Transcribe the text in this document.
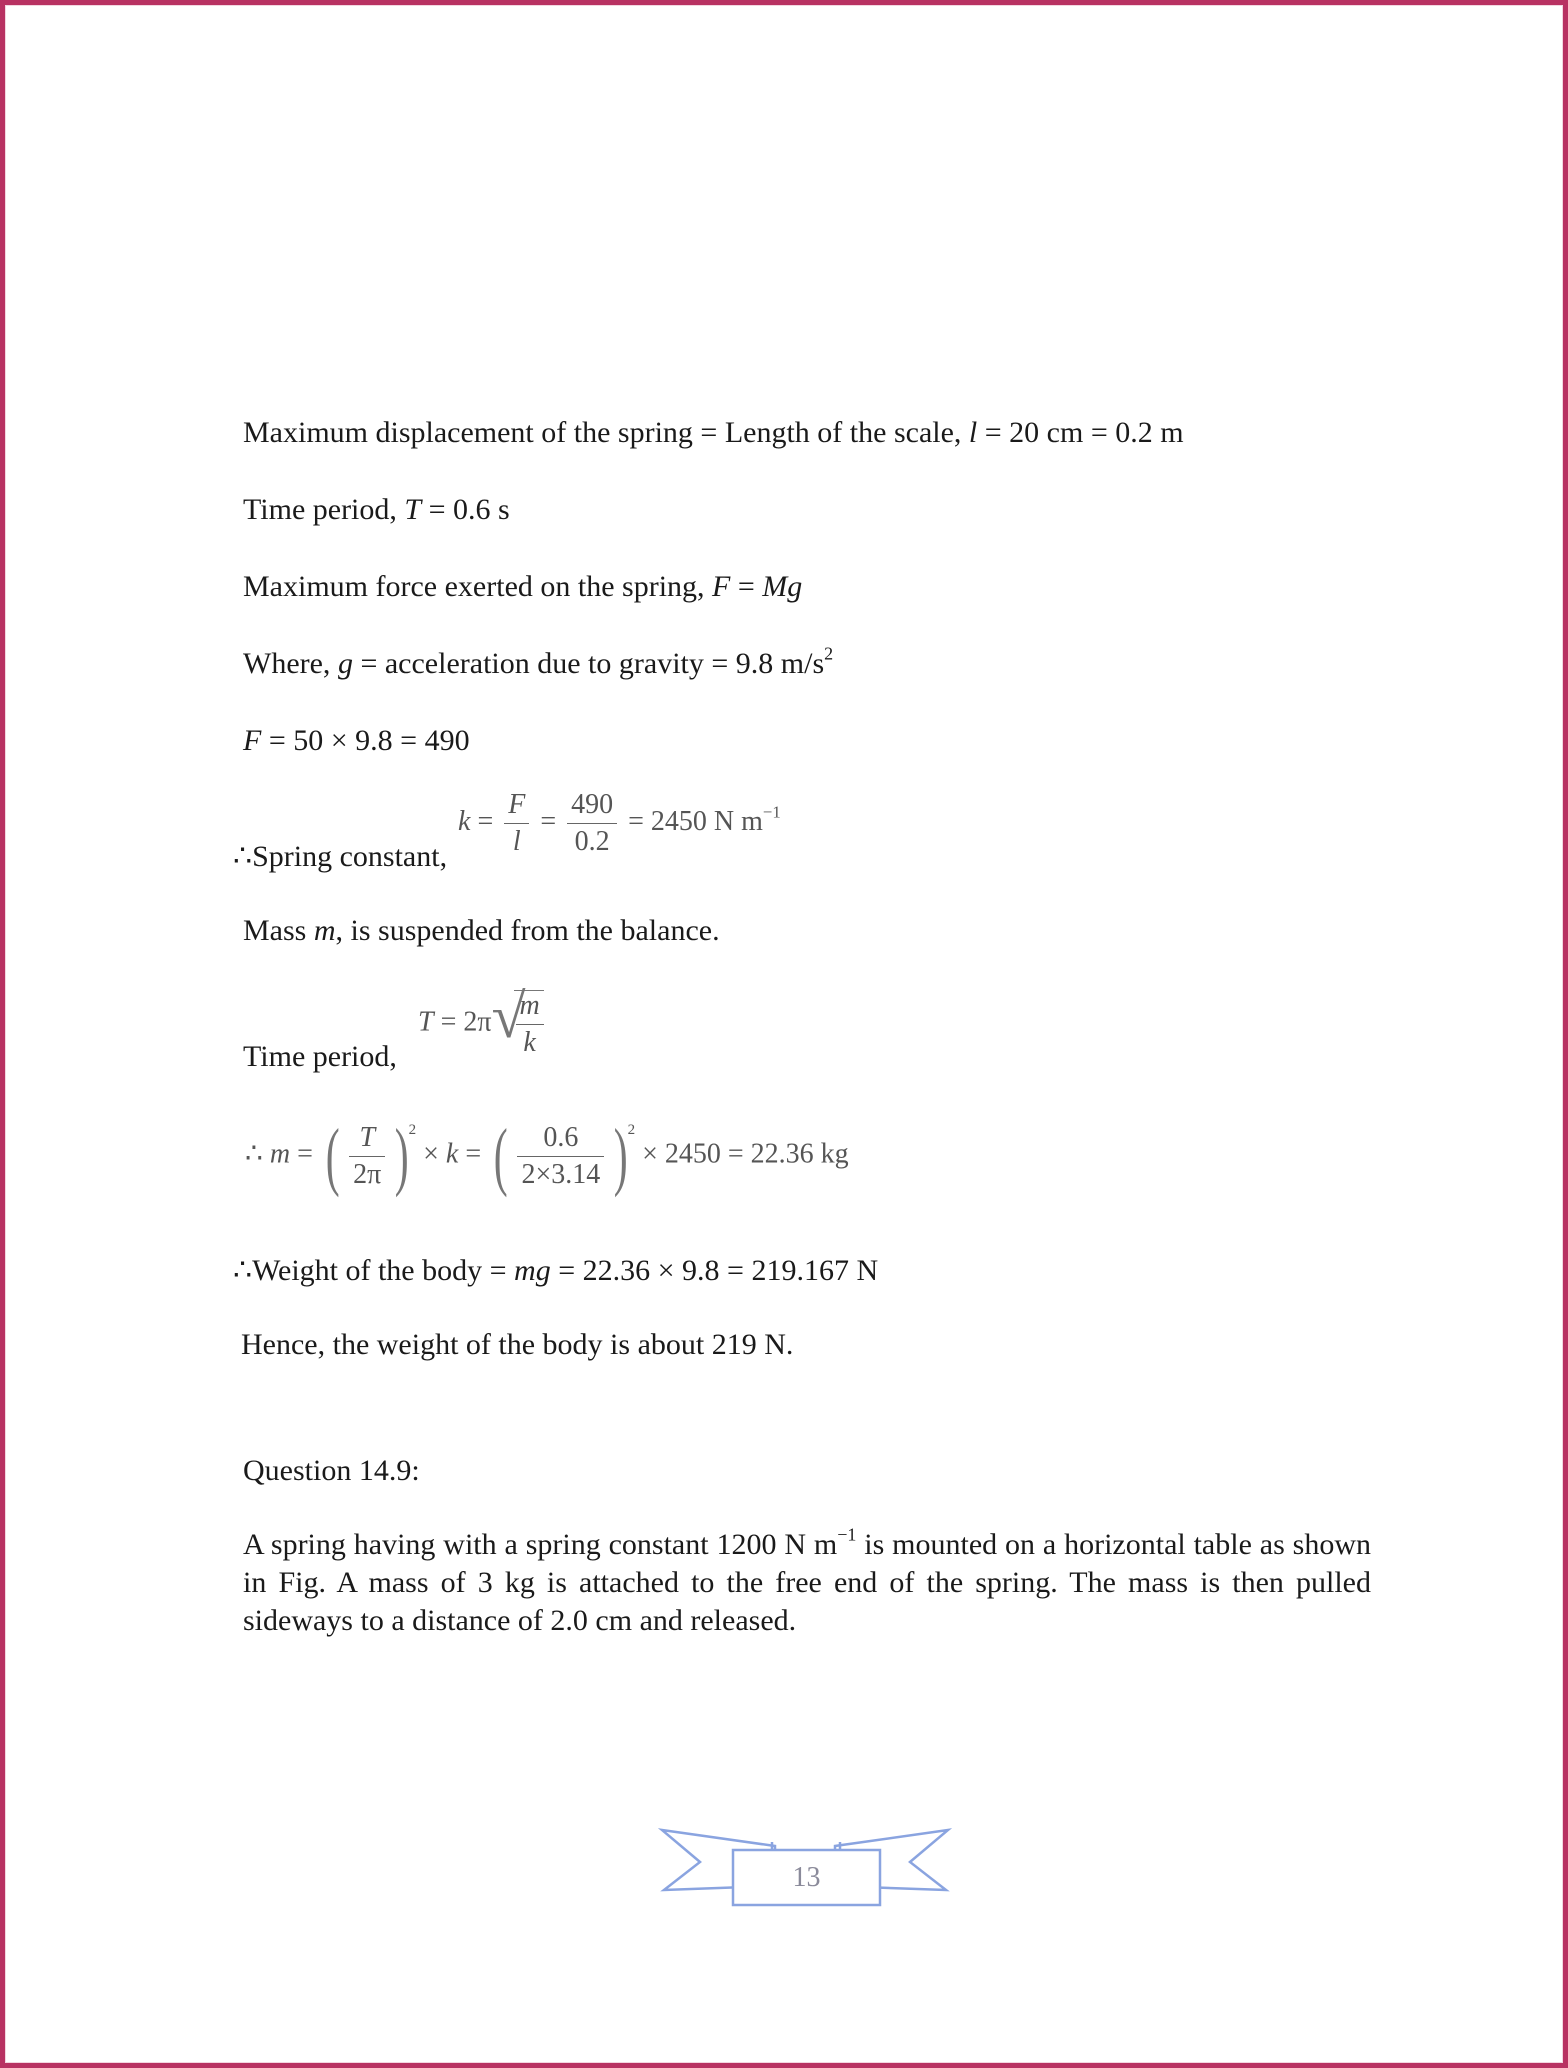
Maximum displacement of the spring = Length of the scale, l = 20 cm = 0.2 m
Time period, T = 0.6 s
Maximum force exerted on the spring, F = Mg
Where, g = acceleration due to gravity = 9.8 $m/s^2$
F = 50 × 9.8 = 490
∴Spring constant,
$k = \frac{F}{l} = \frac{490}{0.2} = 2450$ N $m^{-1}$
Mass m, is suspended from the balance.
Time period,
T = 2π √
$\frac{m}{k}$
∴ m = ( $\frac{T}{2\pi} )^2 \times k$ = ( $\frac{0.6}{2\times 3.14} )^2 \times 2450 = 22.36$ kg
∴Weight of the body = mg = 22.36 × 9.8 = 219.167 N
Hence, the weight of the body is about 219 N.
Question 14.9:
A spring having with a spring constant 1200 N $m^{-1}$ is mounted on a horizontal table as shown in Fig. A mass of 3 kg is attached to the free end of the spring. The mass is then pulled sideways to a distance of 2.0 cm and released.
13
